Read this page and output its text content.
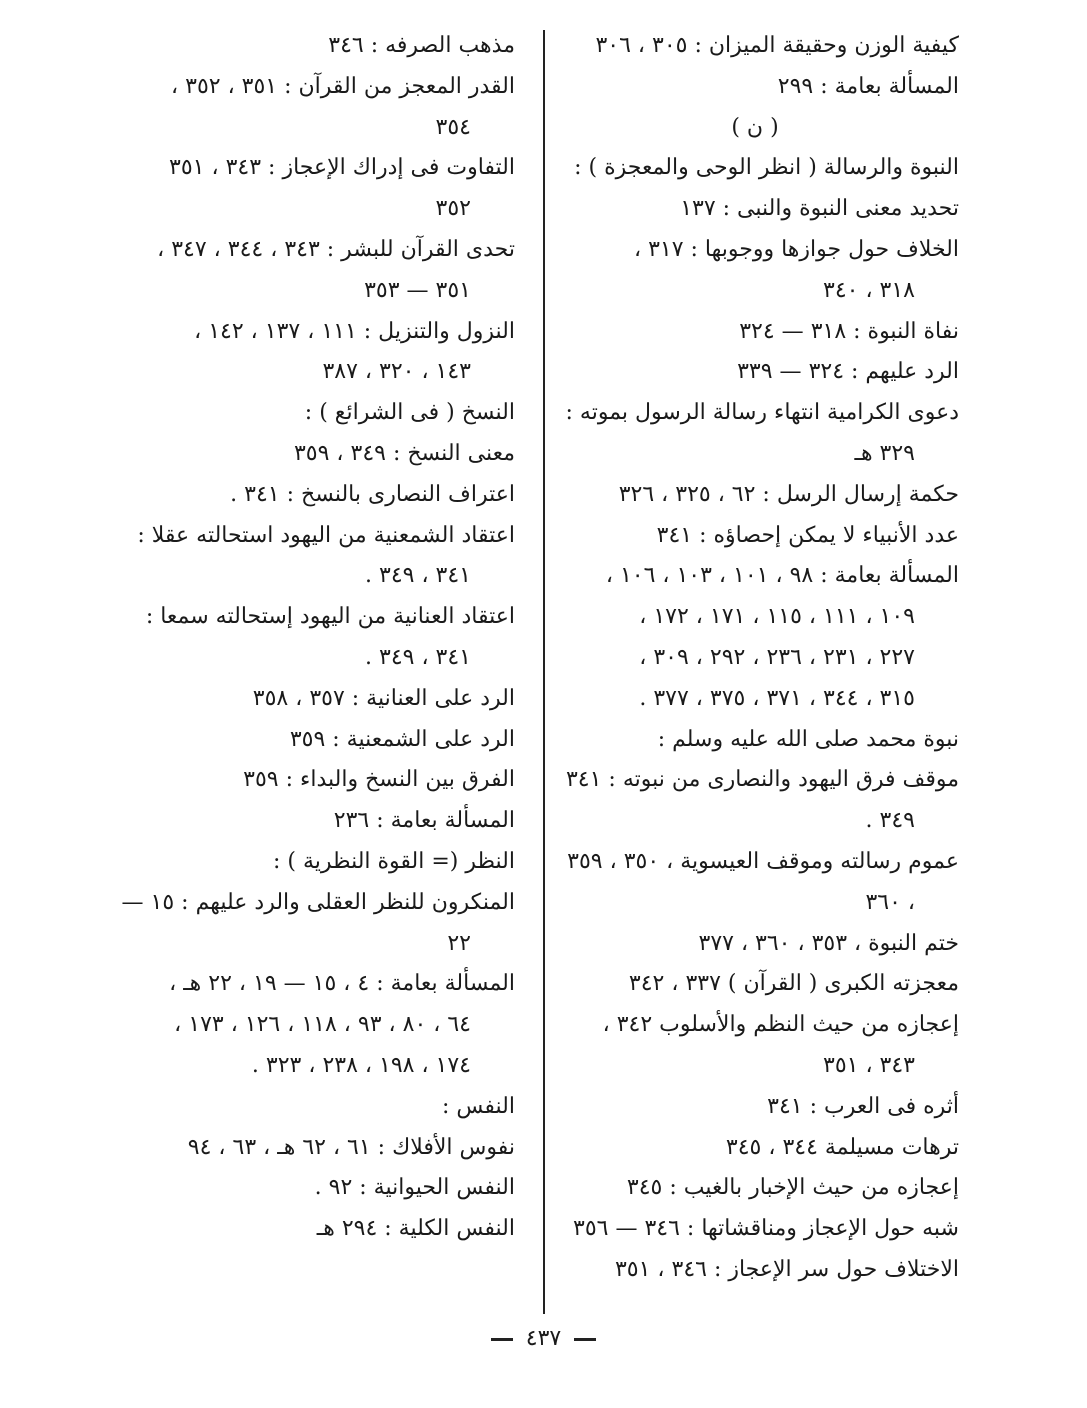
كيفية الوزن وحقيقة الميزان : ٣٠٥ ، ٣٠٦

المسألة بعامة : ٢٩٩

( ن )

النبوة والرسالة ( انظر الوحى والمعجزة ) :

تحديد معنى النبوة والنبى : ١٣٧

الخلاف حول جوازها ووجوبها : ٣١٧ ،

٣١٨ ، ٣٤٠

نفاة النبوة : ٣١٨ — ٣٢٤

الرد عليهم : ٣٢٤ — ٣٣٩

دعوى الكرامية انتهاء رسالة الرسول بموته :

٣٢٩ هـ

حكمة إرسال الرسل : ٦٢ ، ٣٢٥ ، ٣٢٦

عدد الأنبياء لا يمكن إحصاؤه : ٣٤١

المسألة بعامة : ٩٨ ، ١٠١ ، ١٠٣ ، ١٠٦ ،

١٠٩ ، ١١١ ، ١١٥ ، ١٧١ ، ١٧٢ ،

٢٢٧ ، ٢٣١ ، ٢٣٦ ، ٢٩٢ ، ٣٠٩ ،

٣١٥ ، ٣٤٤ ، ٣٧١ ، ٣٧٥ ، ٣٧٧ .

نبوة محمد صلى الله عليه وسلم :

موقف فرق اليهود والنصارى من نبوته : ٣٤١

٣٤٩ .

عموم رسالته وموقف العيسوية ، ٣٥٠ ، ٣٥٩

، ٣٦٠

ختم النبوة ، ٣٥٣ ، ٣٦٠ ، ٣٧٧

معجزته الكبرى ( القرآن ) ٣٣٧ ، ٣٤٢

إعجازه من حيث النظم والأسلوب ٣٤٢ ،

٣٤٣ ، ٣٥١

أثره فى العرب : ٣٤١

ترهات مسيلمة ٣٤٤ ، ٣٤٥

إعجازه من حيث الإخبار بالغيب : ٣٤٥

شبه حول الإعجاز ومناقشاتها : ٣٤٦ — ٣٥٦

الاختلاف حول سر الإعجاز : ٣٤٦ ، ٣٥١

مذهب الصرفه : ٣٤٦

القدر المعجز من القرآن : ٣٥١ ، ٣٥٢ ،

٣٥٤

التفاوت فى إدراك الإعجاز : ٣٤٣ ، ٣٥١

٣٥٢

تحدى القرآن للبشر : ٣٤٣ ، ٣٤٤ ، ٣٤٧ ،

٣٥١ — ٣٥٣

النزول والتنزيل : ١١١ ، ١٣٧ ، ١٤٢ ،

١٤٣ ، ٣٢٠ ، ٣٨٧

النسخ ( فى الشرائع ) :

معنى النسخ : ٣٤٩ ، ٣٥٩

اعتراف النصارى بالنسخ : ٣٤١ .

اعتقاد الشمعنية من اليهود استحالته عقلا :

٣٤١ ، ٣٤٩ .

اعتقاد العنانية من اليهود إستحالته سمعا :

٣٤١ ، ٣٤٩ .

الرد على العنانية : ٣٥٧ ، ٣٥٨

الرد على الشمعنية : ٣٥٩

الفرق بين النسخ والبداء : ٣٥٩

المسألة بعامة : ٢٣٦

النظر (= القوة النظرية ) :

المنكرون للنظر العقلى والرد عليهم : ١٥ —

٢٢

المسألة بعامة : ٤ ، ١٥ — ١٩ ، ٢٢ هـ ،

٦٤ ، ٨٠ ، ٩٣ ، ١١٨ ، ١٢٦ ، ١٧٣ ،

١٧٤ ، ١٩٨ ، ٢٣٨ ، ٣٢٣ .

النفس :

نفوس الأفلاك : ٦١ ، ٦٢ هـ ، ٦٣ ، ٩٤

النفس الحيوانية : ٩٢ .

النفس الكلية : ٢٩٤ هـ

٤٣٧
